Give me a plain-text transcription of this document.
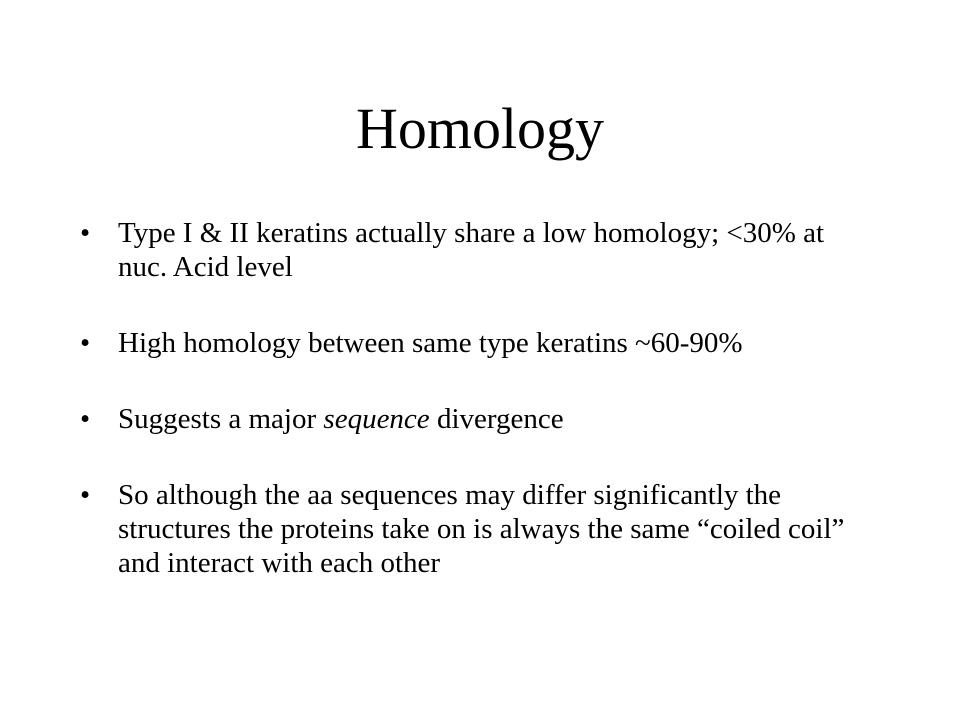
Homology
• Type I & II keratins actually share a low homology; <30% at nuc. Acid level
• High homology between same type keratins ~60-90%
• Suggests a major sequence divergence
• So although the aa sequences may differ significantly the structures the proteins take on is always the same “coiled coil” and interact with each other
